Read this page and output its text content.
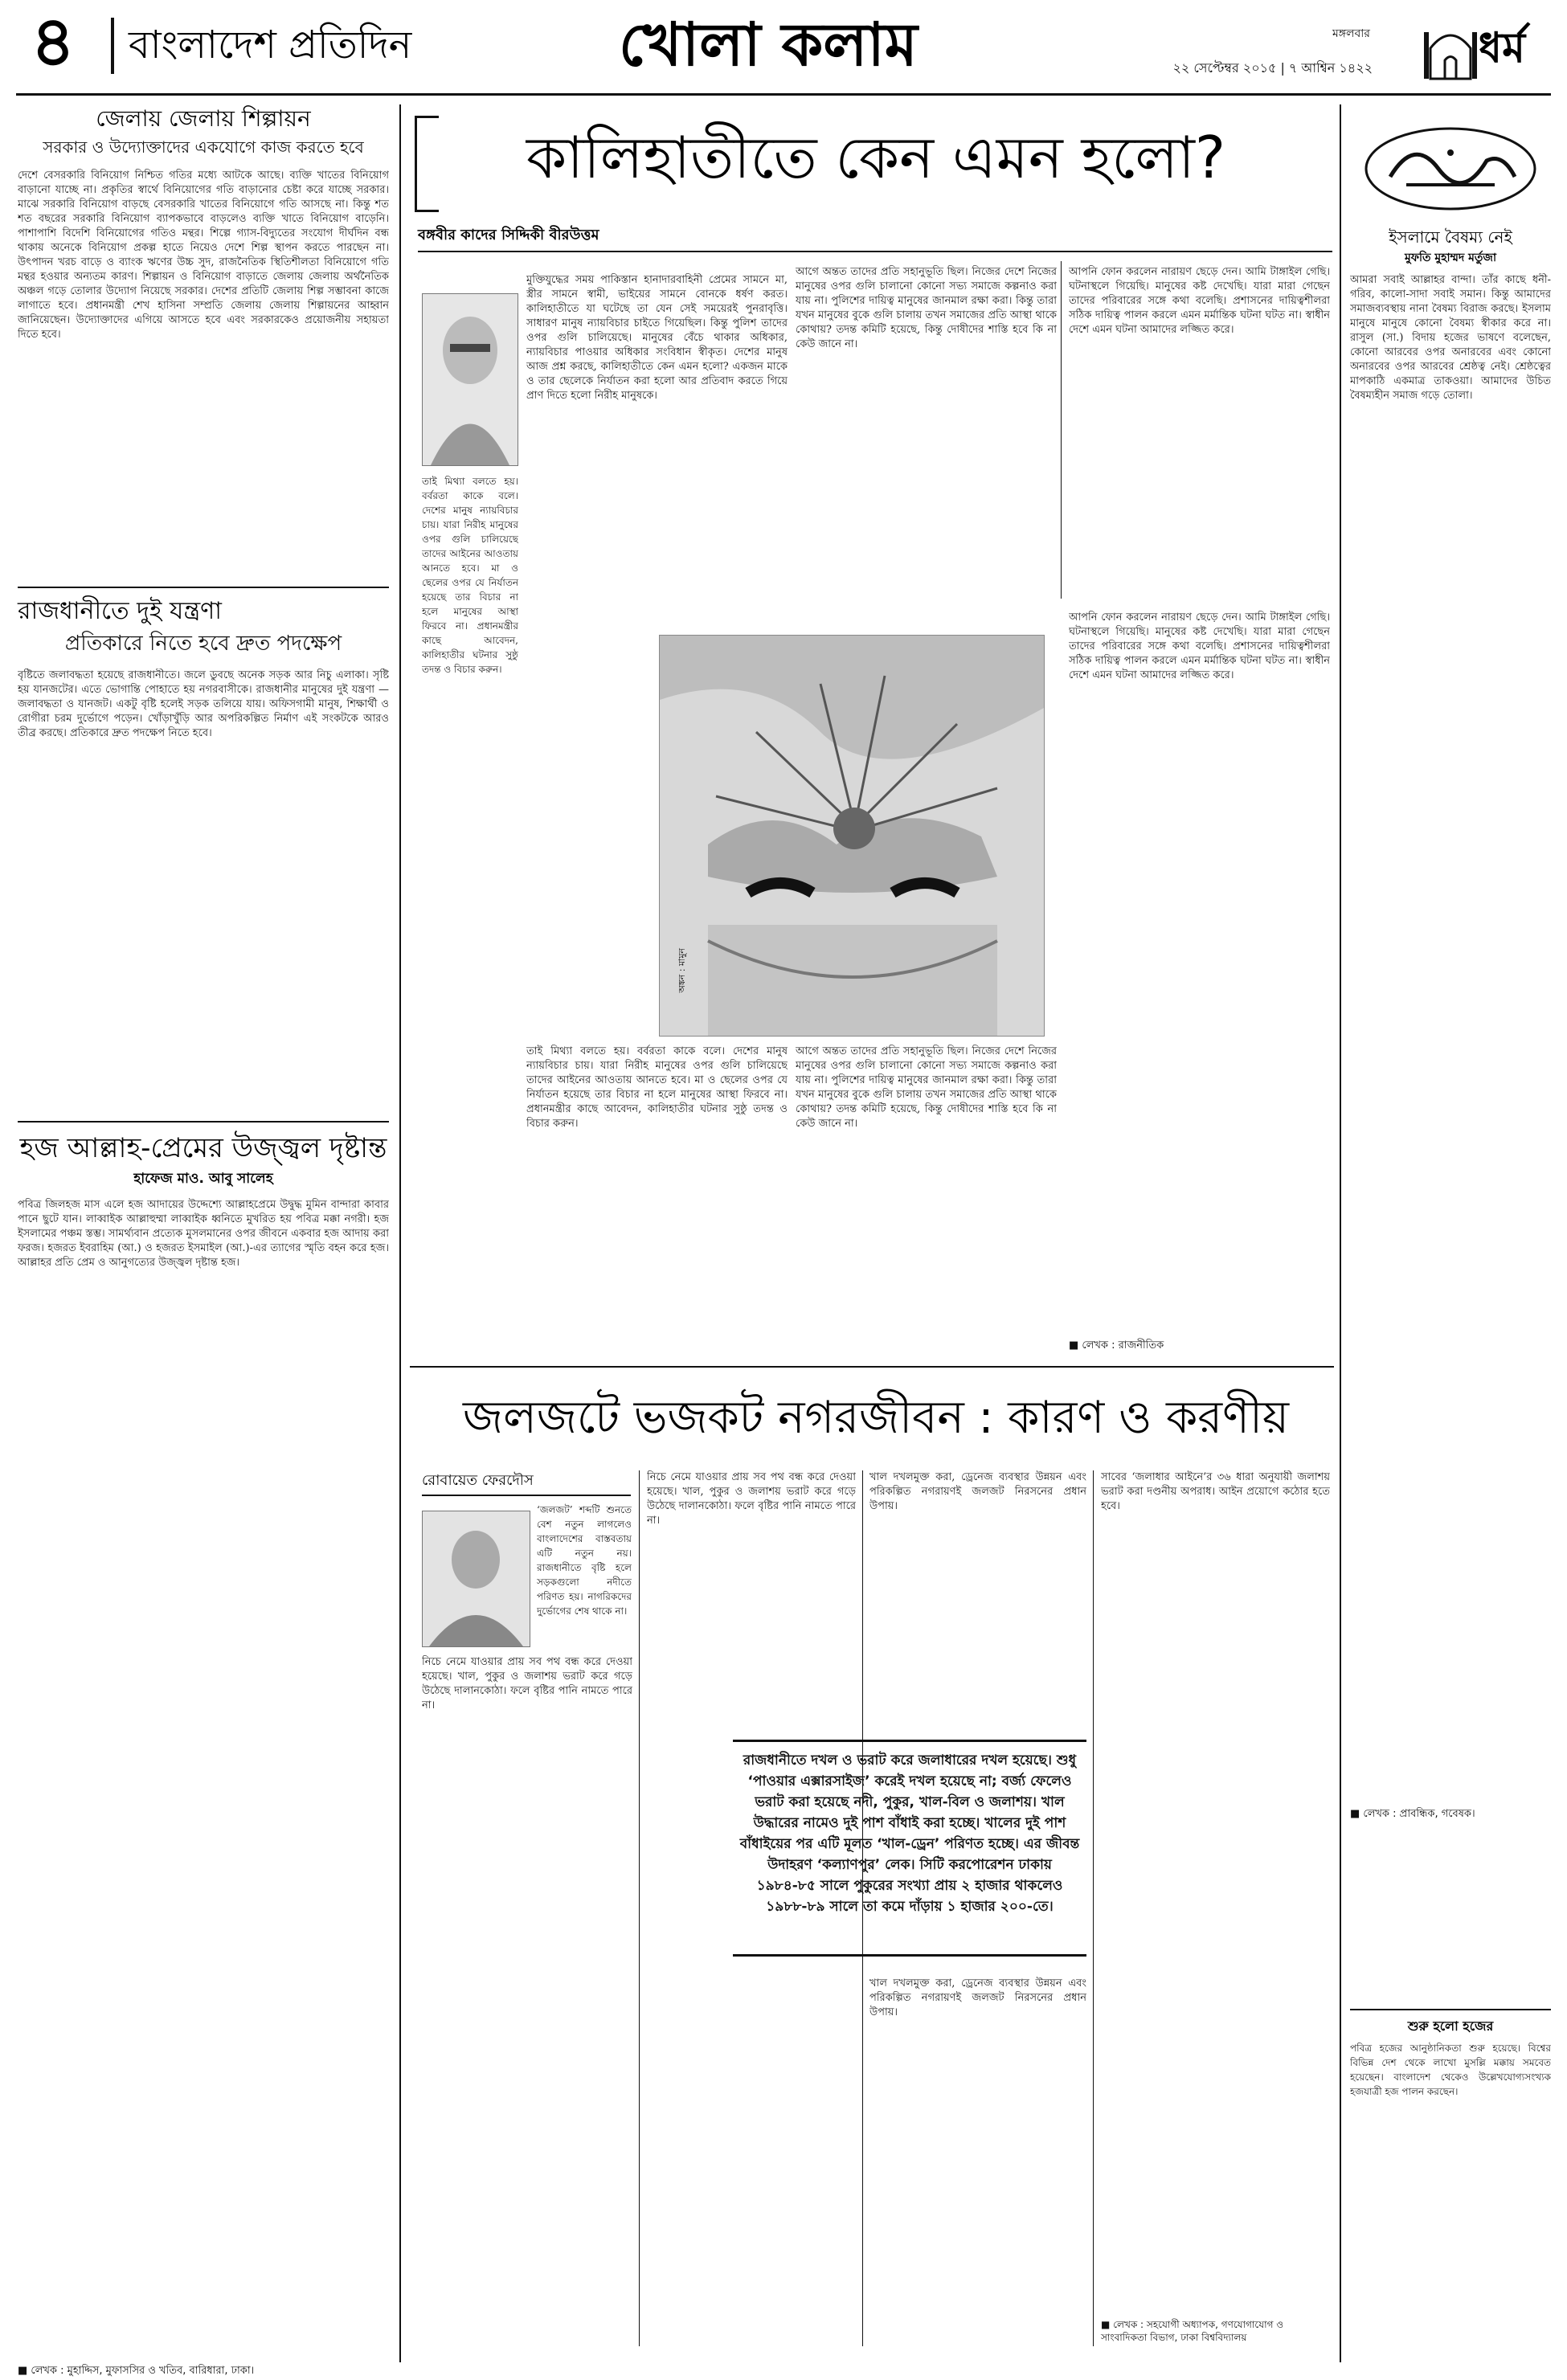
৪ বাংলাদেশ প্রতিদিন	খোলা কলাম	মঙ্গলবার
২২ সেপ্টেম্বর ২০১৫ | ৭ আশ্বিন ১৪২২	ধর্ম
জেলায় জেলায় শিল্পায়ন
সরকার ও উদ্যোক্তাদের একযোগে কাজ করতে হবে
দেশে বেসরকারি বিনিয়োগ নিশ্চিত গতির মধ্যে আটকে আছে। ব্যক্তি খাতের বিনিয়োগ বাড়ানো যাচ্ছে না। প্রকৃতির স্বার্থে বিনিয়োগের গতি বাড়ানোর চেষ্টা করে যাচ্ছে সরকার। মাঝে সরকারি বিনিয়োগ বাড়ছে বেসরকারি খাতের বিনিয়োগে গতি আসছে না। কিন্তু শত শত বছরের সরকারি বিনিয়োগ ব্যাপকভাবে বাড়লেও ব্যক্তি খাতে বিনিয়োগ বাড়েনি। পাশাপাশি বিদেশি বিনিয়োগের গতিও মন্থর। শিল্পে গ্যাস-বিদ্যুতের সংযোগ দীর্ঘদিন বন্ধ থাকায় অনেকে বিনিয়োগ প্রকল্প হাতে নিয়েও দেশে শিল্প স্থাপন করতে পারছেন না। উৎপাদন খরচ বাড়ে ও ব্যাংক ঋণের উচ্চ সুদ, রাজনৈতিক স্থিতিশীলতা বিনিয়োগে গতি মন্থর হওয়ার অন্যতম কারণ। শিল্পায়ন ও বিনিয়োগ বাড়াতে জেলায় জেলায় অর্থনৈতিক অঞ্চল গড়ে তোলার উদ্যোগ নিয়েছে সরকার। দেশের প্রতিটি জেলায় শিল্প সম্ভাবনা কাজে লাগাতে হবে। প্রধানমন্ত্রী শেখ হাসিনা সম্প্রতি জেলায় জেলায় শিল্পায়নের আহ্বান জানিয়েছেন। উদ্যোক্তাদের এগিয়ে আসতে হবে এবং সরকারকেও প্রয়োজনীয় সহায়তা দিতে হবে।
রাজধানীতে দুই যন্ত্রণা
প্রতিকারে নিতে হবে দ্রুত পদক্ষেপ
বৃষ্টিতে জলাবদ্ধতা হয়েছে রাজধানীতে। জলে ডুবছে অনেক সড়ক আর নিচু এলাকা। সৃষ্টি হয় যানজটের। এতে ভোগান্তি পোহাতে হয় নগরবাসীকে। রাজধানীর মানুষের দুই যন্ত্রণা — জলাবদ্ধতা ও যানজট। একটু বৃষ্টি হলেই সড়ক তলিয়ে যায়। অফিসগামী মানুষ, শিক্ষার্থী ও রোগীরা চরম দুর্ভোগে পড়েন। খোঁড়াখুঁড়ি আর অপরিকল্পিত নির্মাণ এই সংকটকে আরও তীব্র করছে। প্রতিকারে দ্রুত পদক্ষেপ নিতে হবে।
হজ আল্লাহ-প্রেমের উজ্জ্বল দৃষ্টান্ত
হাফেজ মাও. আবু সালেহ
পবিত্র জিলহজ মাস এলে হজ আদায়ের উদ্দেশ্যে আল্লাহপ্রেমে উদ্বুদ্ধ মুমিন বান্দারা কাবার পানে ছুটে যান। লাব্বাইক আল্লাহুম্মা লাব্বাইক ধ্বনিতে মুখরিত হয় পবিত্র মক্কা নগরী। হজ ইসলামের পঞ্চম স্তম্ভ। সামর্থ্যবান প্রত্যেক মুসলমানের ওপর জীবনে একবার হজ আদায় করা ফরজ। হজরত ইবরাহিম (আ.) ও হজরত ইসমাইল (আ.)-এর ত্যাগের স্মৃতি বহন করে হজ। আল্লাহর প্রতি প্রেম ও আনুগত্যের উজ্জ্বল দৃষ্টান্ত হজ।
■ লেখক : মুহাদ্দিস, মুফাসসির ও খতিব, বারিধারা, ঢাকা।
কালিহাতীতে কেন এমন হলো?
বঙ্গবীর কাদের সিদ্দিকী বীরউত্তম
মুক্তিযুদ্ধের সময় পাকিস্তান হানাদারবাহিনী প্রেমের সামনে মা, স্ত্রীর সামনে স্বামী, ভাইয়ের সামনে বোনকে ধর্ষণ করত। কালিহাতীতে যা ঘটেছে তা যেন সেই সময়েরই পুনরাবৃত্তি। সাধারণ মানুষ ন্যায়বিচার চাইতে গিয়েছিল। কিন্তু পুলিশ তাদের ওপর গুলি চালিয়েছে। মানুষের বেঁচে থাকার অধিকার, ন্যায়বিচার পাওয়ার অধিকার সংবিধান স্বীকৃত। দেশের মানুষ আজ প্রশ্ন করছে, কালিহাতীতে কেন এমন হলো? একজন মাকে ও তার ছেলেকে নির্যাতন করা হলো আর প্রতিবাদ করতে গিয়ে প্রাণ দিতে হলো নিরীহ মানুষকে।
আগে অন্তত তাদের প্রতি সহানুভূতি ছিল। নিজের দেশে নিজের মানুষের ওপর গুলি চালানো কোনো সভ্য সমাজে কল্পনাও করা যায় না। পুলিশের দায়িত্ব মানুষের জানমাল রক্ষা করা। কিন্তু তারা যখন মানুষের বুকে গুলি চালায় তখন সমাজের প্রতি আস্থা থাকে কোথায়? তদন্ত কমিটি হয়েছে, কিন্তু দোষীদের শাস্তি হবে কি না কেউ জানে না।
আপনি ফোন করলেন নারায়ণ ছেড়ে দেন। আমি টাঙ্গাইল গেছি। ঘটনাস্থলে গিয়েছি। মানুষের কষ্ট দেখেছি। যারা মারা গেছেন তাদের পরিবারের সঙ্গে কথা বলেছি। প্রশাসনের দায়িত্বশীলরা সঠিক দায়িত্ব পালন করলে এমন মর্মান্তিক ঘটনা ঘটত না। স্বাধীন দেশে এমন ঘটনা আমাদের লজ্জিত করে।
তাই মিথ্যা বলতে হয়। বর্বরতা কাকে বলে। দেশের মানুষ ন্যায়বিচার চায়। যারা নিরীহ মানুষের ওপর গুলি চালিয়েছে তাদের আইনের আওতায় আনতে হবে। মা ও ছেলের ওপর যে নির্যাতন হয়েছে তার বিচার না হলে মানুষের আস্থা ফিরবে না। প্রধানমন্ত্রীর কাছে আবেদন, কালিহাতীর ঘটনার সুষ্ঠু তদন্ত ও বিচার করুন।
অঙ্কন : মামুন
তাই মিথ্যা বলতে হয়। বর্বরতা কাকে বলে। দেশের মানুষ ন্যায়বিচার চায়। যারা নিরীহ মানুষের ওপর গুলি চালিয়েছে তাদের আইনের আওতায় আনতে হবে। মা ও ছেলের ওপর যে নির্যাতন হয়েছে তার বিচার না হলে মানুষের আস্থা ফিরবে না। প্রধানমন্ত্রীর কাছে আবেদন, কালিহাতীর ঘটনার সুষ্ঠু তদন্ত ও বিচার করুন।
আগে অন্তত তাদের প্রতি সহানুভূতি ছিল। নিজের দেশে নিজের মানুষের ওপর গুলি চালানো কোনো সভ্য সমাজে কল্পনাও করা যায় না। পুলিশের দায়িত্ব মানুষের জানমাল রক্ষা করা। কিন্তু তারা যখন মানুষের বুকে গুলি চালায় তখন সমাজের প্রতি আস্থা থাকে কোথায়? তদন্ত কমিটি হয়েছে, কিন্তু দোষীদের শাস্তি হবে কি না কেউ জানে না।
আপনি ফোন করলেন নারায়ণ ছেড়ে দেন। আমি টাঙ্গাইল গেছি। ঘটনাস্থলে গিয়েছি। মানুষের কষ্ট দেখেছি। যারা মারা গেছেন তাদের পরিবারের সঙ্গে কথা বলেছি। প্রশাসনের দায়িত্বশীলরা সঠিক দায়িত্ব পালন করলে এমন মর্মান্তিক ঘটনা ঘটত না। স্বাধীন দেশে এমন ঘটনা আমাদের লজ্জিত করে।
■ লেখক : রাজনীতিক
জলজটে ভজকট নগরজীবন : কারণ ও করণীয়
রোবায়েত ফেরদৌস
‘জলজট’ শব্দটি শুনতে বেশ নতুন লাগলেও বাংলাদেশের বাস্তবতায় এটি নতুন নয়। রাজধানীতে বৃষ্টি হলে সড়কগুলো নদীতে পরিণত হয়। নাগরিকদের দুর্ভোগের শেষ থাকে না।
নিচে নেমে যাওয়ার প্রায় সব পথ বন্ধ করে দেওয়া হয়েছে। খাল, পুকুর ও জলাশয় ভরাট করে গড়ে উঠেছে দালানকোঠা। ফলে বৃষ্টির পানি নামতে পারে না।
নিচে নেমে যাওয়ার প্রায় সব পথ বন্ধ করে দেওয়া হয়েছে। খাল, পুকুর ও জলাশয় ভরাট করে গড়ে উঠেছে দালানকোঠা। ফলে বৃষ্টির পানি নামতে পারে না।
খাল দখলমুক্ত করা, ড্রেনেজ ব্যবস্থার উন্নয়ন এবং পরিকল্পিত নগরায়ণই জলজট নিরসনের প্রধান উপায়।
রাজধানীতে দখল ও ভরাট করে জলাধারের দখল হয়েছে। শুধু ‘পাওয়ার এক্সারসাইজ’ করেই দখল হয়েছে না; বর্জ্য ফেলেও ভরাট করা হয়েছে নদী, পুকুর, খাল-বিল ও জলাশয়। খাল উদ্ধারের নামেও দুই পাশ বাঁধাই করা হচ্ছে। খালের দুই পাশ বাঁধাইয়ের পর এটি মূলত ‘খাল-ড্রেন’ পরিণত হচ্ছে। এর জীবন্ত উদাহরণ ‘কল্যাণপুর’ লেক। সিটি করপোরেশন ঢাকায় ১৯৮৪-৮৫ সালে পুকুরের সংখ্যা প্রায় ২ হাজার থাকলেও ১৯৮৮-৮৯ সালে তা কমে দাঁড়ায় ১ হাজার ২০০-তে।
খাল দখলমুক্ত করা, ড্রেনেজ ব্যবস্থার উন্নয়ন এবং পরিকল্পিত নগরায়ণই জলজট নিরসনের প্রধান উপায়।
সাবের ‘জলাধার আইনে’র ৩৬ ধারা অনুযায়ী জলাশয় ভরাট করা দণ্ডনীয় অপরাধ। আইন প্রয়োগে কঠোর হতে হবে।
■ লেখক : সহযোগী অধ্যাপক, গণযোগাযোগ ও সাংবাদিকতা বিভাগ, ঢাকা বিশ্ববিদ্যালয়
ইসলামে বৈষম্য নেই
মুফতি মুহাম্মদ মর্তুজা
আমরা সবাই আল্লাহর বান্দা। তাঁর কাছে ধনী-গরিব, কালো-সাদা সবাই সমান। কিন্তু আমাদের সমাজব্যবস্থায় নানা বৈষম্য বিরাজ করছে। ইসলাম মানুষে মানুষে কোনো বৈষম্য স্বীকার করে না। রাসুল (সা.) বিদায় হজের ভাষণে বলেছেন, কোনো আরবের ওপর অনারবের এবং কোনো অনারবের ওপর আরবের শ্রেষ্ঠত্ব নেই। শ্রেষ্ঠত্বের মাপকাঠি একমাত্র তাকওয়া। আমাদের উচিত বৈষম্যহীন সমাজ গড়ে তোলা।
■ লেখক : প্রাবন্ধিক, গবেষক।
শুরু হলো হজের
পবিত্র হজের আনুষ্ঠানিকতা শুরু হয়েছে। বিশ্বের বিভিন্ন দেশ থেকে লাখো মুসল্লি মক্কায় সমবেত হয়েছেন। বাংলাদেশ থেকেও উল্লেখযোগ্যসংখ্যক হজযাত্রী হজ পালন করছেন।
